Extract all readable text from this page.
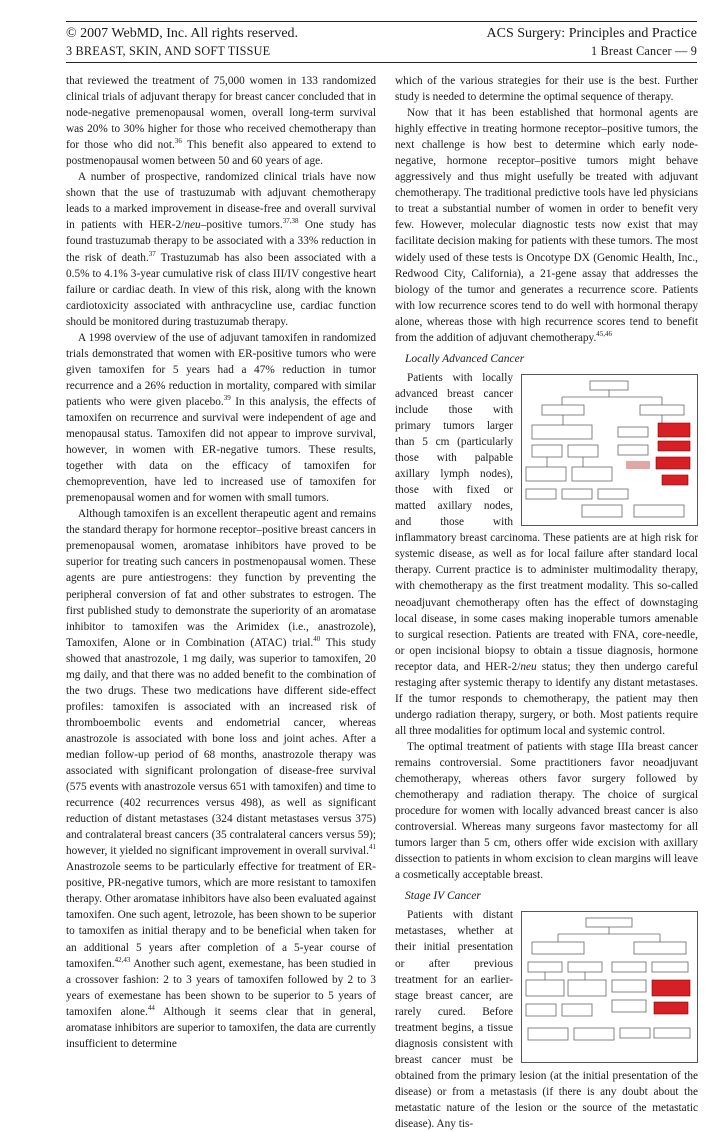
© 2007 WebMD, Inc. All rights reserved.
3 BREAST, SKIN, AND SOFT TISSUE
ACS Surgery: Principles and Practice
1 Breast Cancer — 9

that reviewed the treatment of 75,000 women in 133 randomized clinical trials of adjuvant therapy for breast cancer concluded that in node-negative premenopausal women, overall long-term survival was 20% to 30% higher for those who received chemotherapy than for those who did not.$^{36}$ This benefit also appeared to extend to postmenopausal women between 50 and 60 years of age.

A number of prospective, randomized clinical trials have now shown that the use of trastuzumab with adjuvant chemotherapy leads to a marked improvement in disease-free and overall survival in patients with HER-2/neu–positive tumors.$^{37,38}$ One study has found trastuzumab therapy to be associated with a 33% reduction in the risk of death.$^{37}$ Trastuzumab has also been associated with a 0.5% to 4.1% 3-year cumulative risk of class III/IV congestive heart failure or cardiac death. In view of this risk, along with the known cardiotoxicity associated with anthracycline use, cardiac function should be monitored during trastuzumab therapy.

A 1998 overview of the use of adjuvant tamoxifen in randomized trials demonstrated that women with ER-positive tumors who were given tamoxifen for 5 years had a 47% reduction in tumor recurrence and a 26% reduction in mortality, compared with similar patients who were given placebo.$^{39}$ In this analysis, the effects of tamoxifen on recurrence and survival were independent of age and menopausal status. Tamoxifen did not appear to improve survival, however, in women with ER-negative tumors. These results, together with data on the efficacy of tamoxifen for chemoprevention, have led to increased use of tamoxifen for premenopausal women and for women with small tumors.

Although tamoxifen is an excellent therapeutic agent and remains the standard therapy for hormone receptor–positive breast cancers in premenopausal women, aromatase inhibitors have proved to be superior for treating such cancers in postmenopausal women. These agents are pure antiestrogens: they function by preventing the peripheral conversion of fat and other substrates to estrogen. The first published study to demonstrate the superiority of an aromatase inhibitor to tamoxifen was the Arimidex (i.e., anastrozole), Tamoxifen, Alone or in Combination (ATAC) trial.$^{40}$ This study showed that anastrozole, 1 mg daily, was superior to tamoxifen, 20 mg daily, and that there was no added benefit to the combination of the two drugs. These two medications have different side-effect profiles: tamoxifen is associated with an increased risk of thromboembolic events and endometrial cancer, whereas anastrozole is associated with bone loss and joint aches. After a median follow-up period of 68 months, anastrozole therapy was associated with significant prolongation of disease-free survival (575 events with anastrozole versus 651 with tamoxifen) and time to recurrence (402 recurrences versus 498), as well as significant reduction of distant metastases (324 distant metastases versus 375) and contralateral breast cancers (35 contralateral cancers versus 59); however, it yielded no significant improvement in overall survival.$^{41}$ Anastrozole seems to be particularly effective for treatment of ER-positive, PR-negative tumors, which are more resistant to tamoxifen therapy. Other aromatase inhibitors have also been evaluated against tamoxifen. One such agent, letrozole, has been shown to be superior to tamoxifen as initial therapy and to be beneficial when taken for an additional 5 years after completion of a 5-year course of tamoxifen.$^{42,43}$ Another such agent, exemestane, has been studied in a crossover fashion: 2 to 3 years of tamoxifen followed by 2 to 3 years of exemestane has been shown to be superior to 5 years of tamoxifen alone.$^{44}$ Although it seems clear that in general, aromatase inhibitors are superior to tamoxifen, the data are currently insufficient to determine

which of the various strategies for their use is the best. Further study is needed to determine the optimal sequence of therapy.

Now that it has been established that hormonal agents are highly effective in treating hormone receptor–positive tumors, the next challenge is how best to determine which early node-negative, hormone receptor–positive tumors might behave aggressively and thus might usefully be treated with adjuvant chemotherapy. The traditional predictive tools have led physicians to treat a substantial number of women in order to benefit very few. However, molecular diagnostic tests now exist that may facilitate decision making for patients with these tumors. The most widely used of these tests is Oncotype DX (Genomic Health, Inc., Redwood City, California), a 21-gene assay that addresses the biology of the tumor and generates a recurrence score. Patients with low recurrence scores tend to do well with hormonal therapy alone, whereas those with high recurrence scores tend to benefit from the addition of adjuvant chemotherapy.$^{45,46}$

Locally Advanced Cancer

Patients with locally advanced breast cancer include those with primary tumors larger than 5 cm (particularly those with palpable axillary lymph nodes), those with fixed or matted axillary nodes, and those with inflammatory breast carcinoma. These patients are at high risk for systemic disease, as well as for local failure after standard local therapy. Current practice is to administer multimodality therapy, with chemotherapy as the first treatment modality. This so-called neoadjuvant chemotherapy often has the effect of downstaging local disease, in some cases making inoperable tumors amenable to surgical resection. Patients are treated with FNA, core-needle, or open incisional biopsy to obtain a tissue diagnosis, hormone receptor data, and HER-2/neu status; they then undergo careful restaging after systemic therapy to identify any distant metastases. If the tumor responds to chemotherapy, the patient may then undergo radiation therapy, surgery, or both. Most patients require all three modalities for optimum local and systemic control.

The optimal treatment of patients with stage IIIa breast cancer remains controversial. Some practitioners favor neoadjuvant chemotherapy, whereas others favor surgery followed by chemotherapy and radiation therapy. The choice of surgical procedure for women with locally advanced breast cancer is also controversial. Whereas many surgeons favor mastectomy for all tumors larger than 5 cm, others offer wide excision with axillary dissection to patients in whom excision to clean margins will leave a cosmetically acceptable breast.

Stage IV Cancer

Patients with distant metastases, whether at their initial presentation or after previous treatment for an earlier-stage breast cancer, are rarely cured. Before treatment begins, a tissue diagnosis consistent with breast cancer must be obtained from the primary lesion (at the initial presentation of the disease) or from a metastasis (if there is any doubt about the metastatic nature of the lesion or the source of the metastatic disease). Any tis-
